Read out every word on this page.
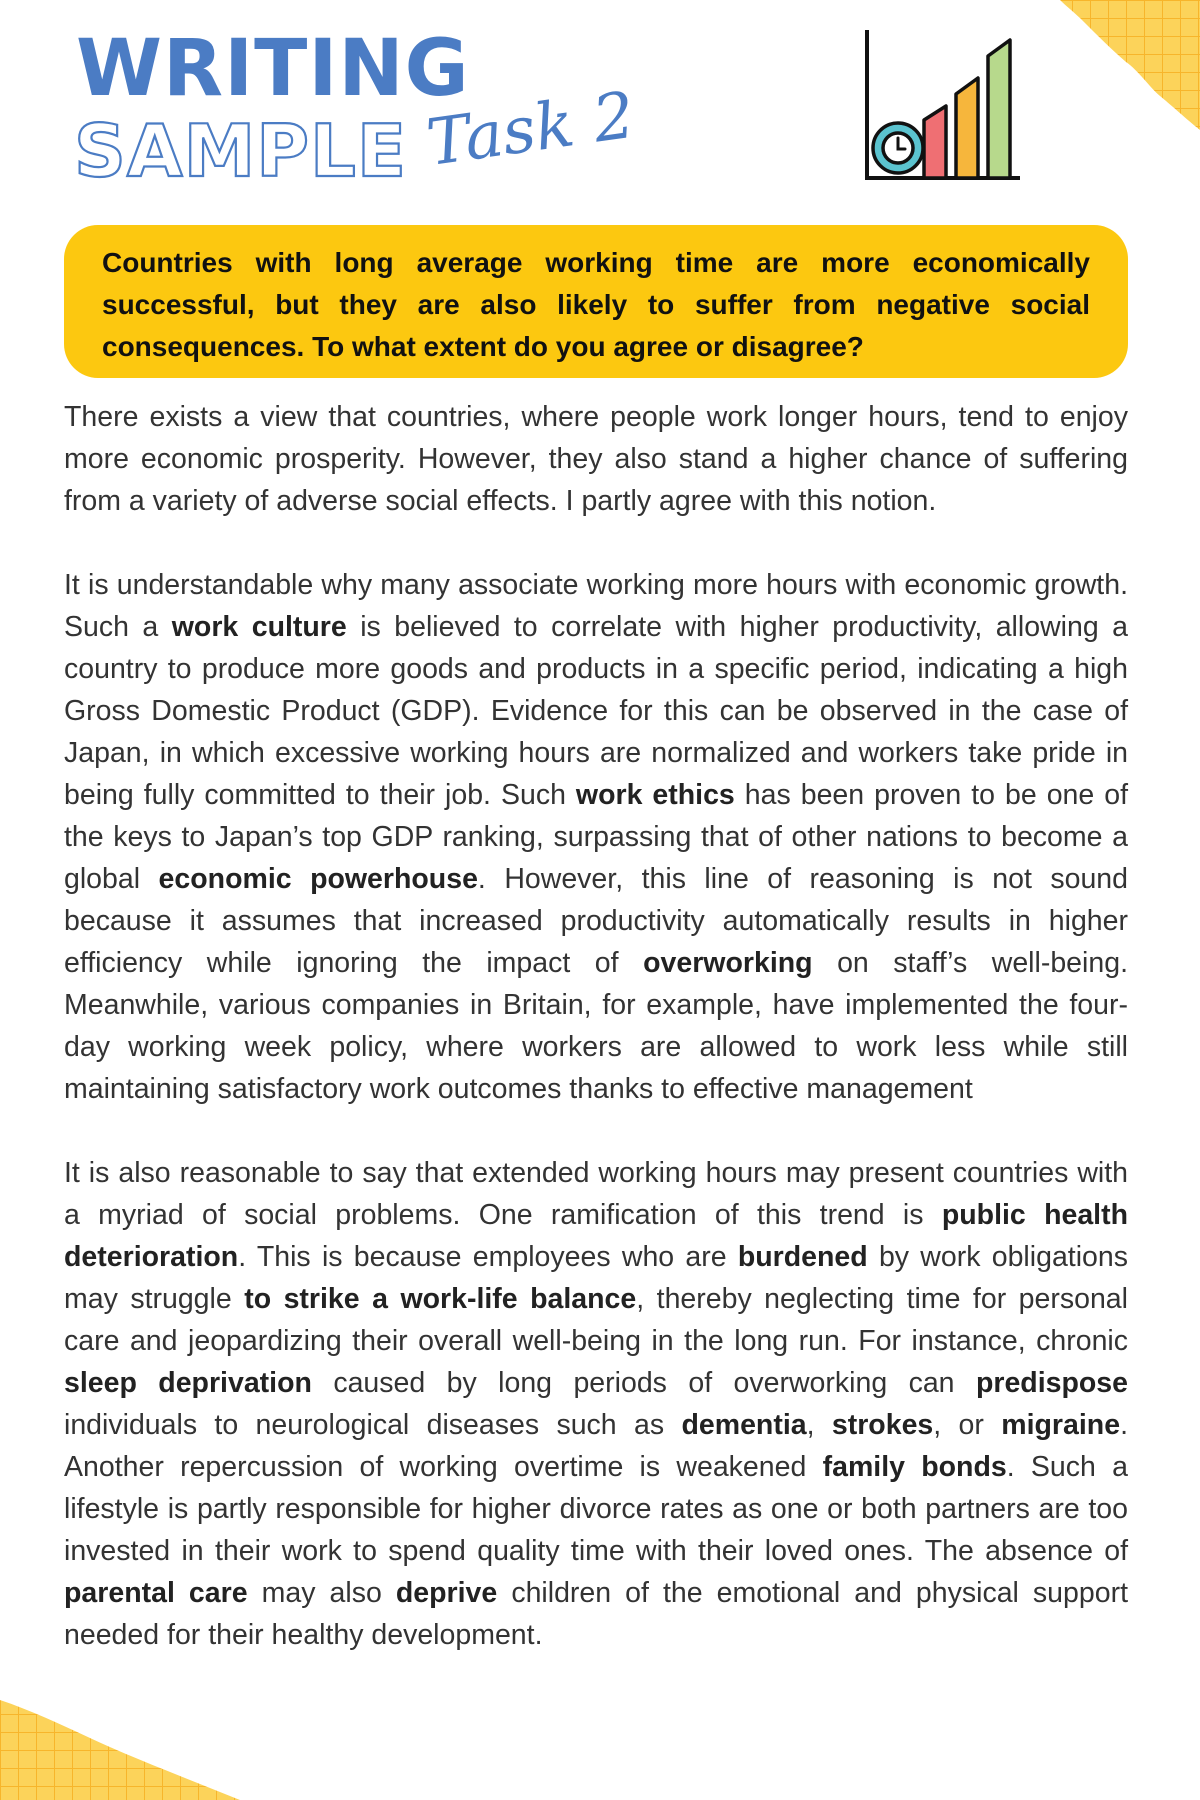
WRITING
SAMPLE Task 2

Countries with long average working time are more economically successful, but they are also likely to suffer from negative social consequences. To what extent do you agree or disagree?

There exists a view that countries, where people work longer hours, tend to enjoy more economic prosperity. However, they also stand a higher chance of suffering from a variety of adverse social effects. I partly agree with this notion.

It is understandable why many associate working more hours with economic growth. Such a work culture is believed to correlate with higher productivity, allowing a country to produce more goods and products in a specific period, indicating a high Gross Domestic Product (GDP). Evidence for this can be observed in the case of Japan, in which excessive working hours are normalized and workers take pride in being fully committed to their job. Such work ethics has been proven to be one of the keys to Japan’s top GDP ranking, surpassing that of other nations to become a global economic powerhouse. However, this line of reasoning is not sound because it assumes that increased productivity automatically results in higher efficiency while ignoring the impact of overworking on staff’s well-being. Meanwhile, various companies in Britain, for example, have implemented the four-day working week policy, where workers are allowed to work less while still maintaining satisfactory work outcomes thanks to effective management

It is also reasonable to say that extended working hours may present countries with a myriad of social problems. One ramification of this trend is public health deterioration. This is because employees who are burdened by work obligations may struggle to strike a work-life balance, thereby neglecting time for personal care and jeopardizing their overall well-being in the long run. For instance, chronic sleep deprivation caused by long periods of overworking can predispose individuals to neurological diseases such as dementia, strokes, or migraine. Another repercussion of working overtime is weakened family bonds. Such a lifestyle is partly responsible for higher divorce rates as one or both partners are too invested in their work to spend quality time with their loved ones. The absence of parental care may also deprive children of the emotional and physical support needed for their healthy development.
